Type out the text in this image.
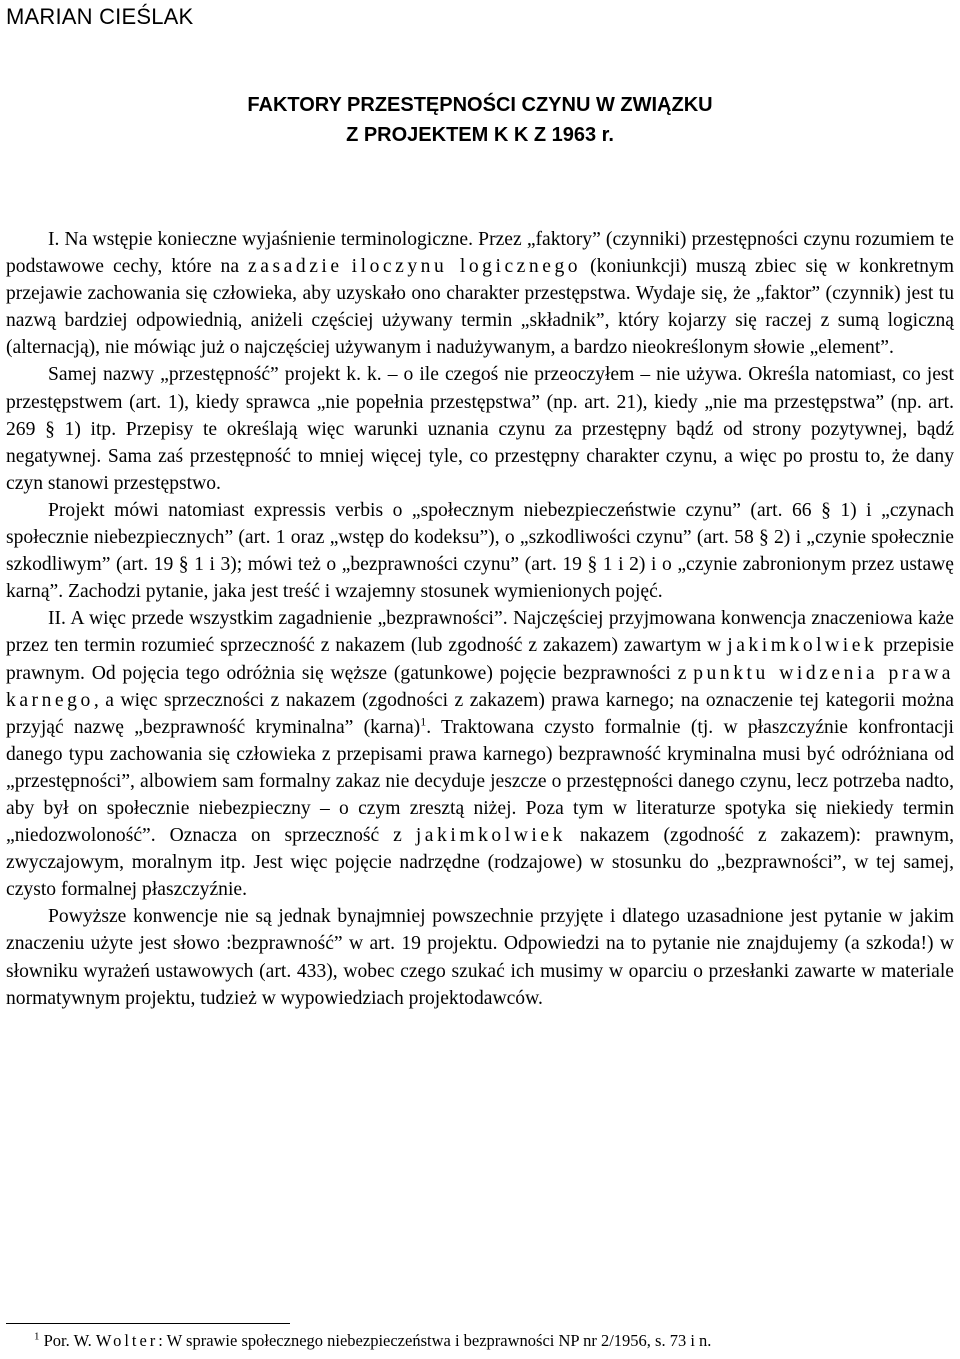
MARIAN CIEŚLAK
FAKTORY PRZESTĘPNOŚCI CZYNU W ZWIĄZKU
Z PROJEKTEM K K Z 1963 r.

I. Na wstępie konieczne wyjaśnienie terminologiczne. Przez „faktory” (czynniki) przestępności czynu rozumiem te podstawowe cechy, które na zasadzie iloczynu logicznego (koniunkcji) muszą zbiec się w konkretnym przejawie zachowania się człowieka, aby uzyskało ono charakter przestępstwa. Wydaje się, że „faktor” (czynnik) jest tu nazwą bardziej odpowiednią, aniżeli częściej używany termin „składnik”, który kojarzy się raczej z sumą logiczną (alternacją), nie mówiąc już o najczęściej używanym i nadużywanym, a bardzo nieokreślonym słowie „element”.

Samej nazwy „przestępność” projekt k. k. – o ile czegoś nie przeoczyłem – nie używa. Określa natomiast, co jest przestępstwem (art. 1), kiedy sprawca „nie popełnia przestępstwa” (np. art. 21), kiedy „nie ma przestępstwa” (np. art. 269 § 1) itp. Przepisy te określają więc warunki uznania czynu za przestępny bądź od strony pozytywnej, bądź negatywnej. Sama zaś przestępność to mniej więcej tyle, co przestępny charakter czynu, a więc po prostu to, że dany czyn stanowi przestępstwo.

Projekt mówi natomiast expressis verbis o „społecznym niebezpieczeństwie czynu” (art. 66 § 1) i „czynach społecznie niebezpiecznych” (art. 1 oraz „wstęp do kodeksu”), o „szkodliwości czynu” (art. 58 § 2) i „czynie społecznie szkodliwym” (art. 19 § 1 i 3); mówi też o „bezprawności czynu” (art. 19 § 1 i 2) i o „czynie zabronionym przez ustawę karną”. Zachodzi pytanie, jaka jest treść i wzajemny stosunek wymienionych pojęć.

II. A więc przede wszystkim zagadnienie „bezprawności”. Najczęściej przyjmowana konwencja znaczeniowa każe przez ten termin rozumieć sprzeczność z nakazem (lub zgodność z zakazem) zawartym w jakimkolwiek przepisie prawnym. Od pojęcia tego odróżnia się węższe (gatunkowe) pojęcie bezprawności z punktu widzenia prawa karnego, a więc sprzeczności z nakazem (zgodności z zakazem) prawa karnego; na oznaczenie tej kategorii można przyjąć nazwę „bezprawność kryminalna” (karna)$^1$. Traktowana czysto formalnie (tj. w płaszczyźnie konfrontacji danego typu zachowania się człowieka z przepisami prawa karnego) bezprawność kryminalna musi być odróżniana od „przestępności”, albowiem sam formalny zakaz nie decyduje jeszcze o przestępności danego czynu, lecz potrzeba nadto, aby był on społecznie niebezpieczny – o czym zresztą niżej. Poza tym w literaturze spotyka się niekiedy termin „niedozwoloność”. Oznacza on sprzeczność z jakimkolwiek nakazem (zgodność z zakazem): prawnym, zwyczajowym, moralnym itp. Jest więc pojęcie nadrzędne (rodzajowe) w stosunku do „bezprawności”, w tej samej, czysto formalnej płaszczyźnie.

Powyższe konwencje nie są jednak bynajmniej powszechnie przyjęte i dlatego uzasadnione jest pytanie w jakim znaczeniu użyte jest słowo :bezprawność” w art. 19 projektu. Odpowiedzi na to pytanie nie znajdujemy (a szkoda!) w słowniku wyrażeń ustawowych (art. 433), wobec czego szukać ich musimy w oparciu o przesłanki zawarte w materiale normatywnym projektu, tudzież w wypowiedziach projektodawców.

$^1$ Por. W. Wolter: W sprawie społecznego niebezpieczeństwa i bezprawności NP nr 2/1956, s. 73 i n.
